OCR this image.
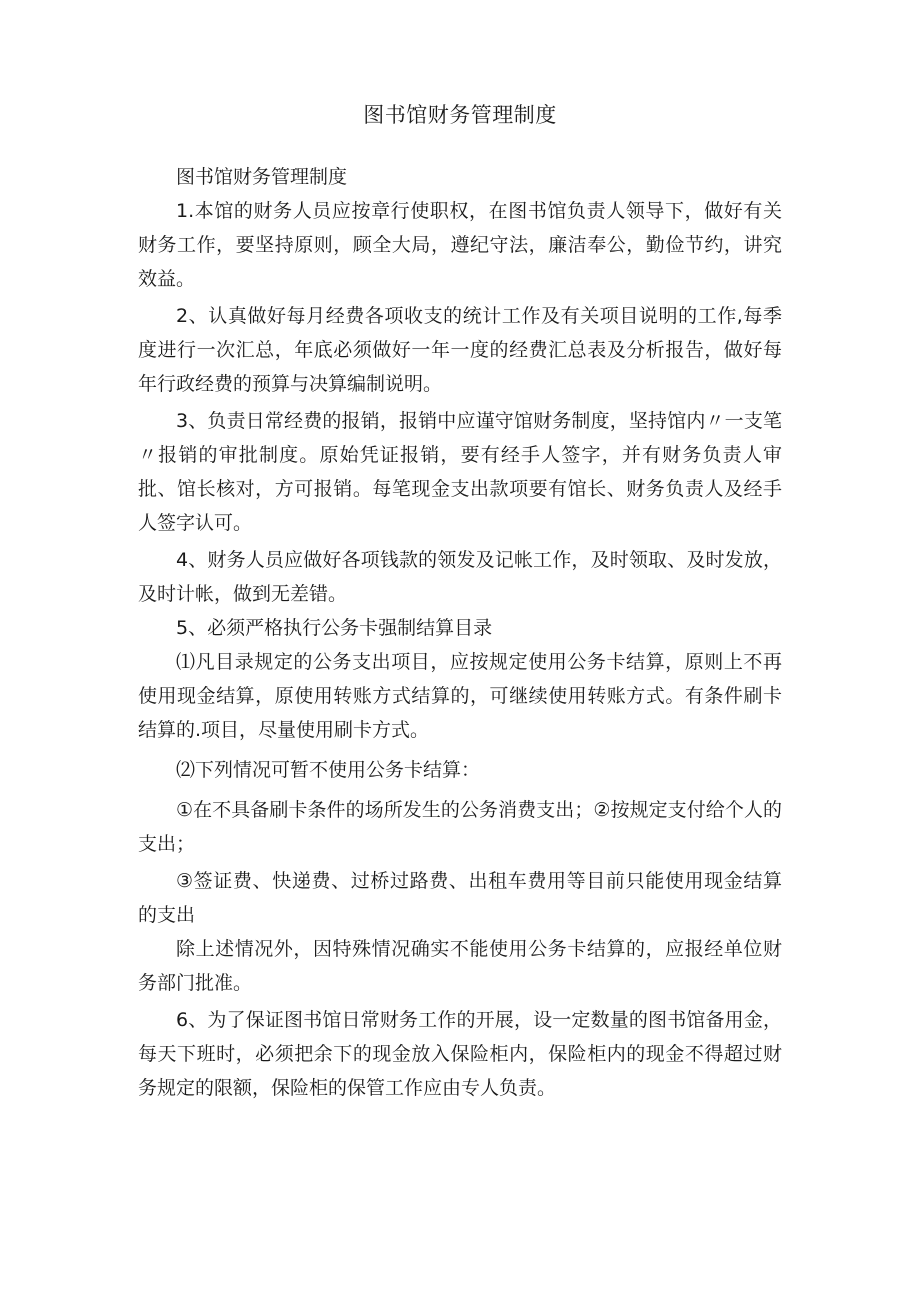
图书馆财务管理制度

图书馆财务管理制度

1.本馆的财务人员应按章行使职权，在图书馆负责人领导下，做好有关财务工作，要坚持原则，顾全大局，遵纪守法，廉洁奉公，勤俭节约，讲究效益。

2、认真做好每月经费各项收支的统计工作及有关项目说明的工作,每季度进行一次汇总，年底必须做好一年一度的经费汇总表及分析报告，做好每年行政经费的预算与决算编制说明。

3、负责日常经费的报销，报销中应谨守馆财务制度，坚持馆内〃一支笔〃报销的审批制度。原始凭证报销，要有经手人签字，并有财务负责人审批、馆长核对，方可报销。每笔现金支出款项要有馆长、财务负责人及经手人签字认可。

4、财务人员应做好各项钱款的领发及记帐工作，及时领取、及时发放，及时计帐，做到无差错。

5、必须严格执行公务卡强制结算目录

⑴凡目录规定的公务支出项目，应按规定使用公务卡结算，原则上不再使用现金结算，原使用转账方式结算的，可继续使用转账方式。有条件刷卡结算的.项目，尽量使用刷卡方式。

⑵下列情况可暂不使用公务卡结算：

①在不具备刷卡条件的场所发生的公务消费支出；②按规定支付给个人的支出；

③签证费、快递费、过桥过路费、出租车费用等目前只能使用现金结算的支出

除上述情况外，因特殊情况确实不能使用公务卡结算的，应报经单位财务部门批准。

6、为了保证图书馆日常财务工作的开展，设一定数量的图书馆备用金，每天下班时，必须把余下的现金放入保险柜内，保险柜内的现金不得超过财务规定的限额，保险柜的保管工作应由专人负责。
